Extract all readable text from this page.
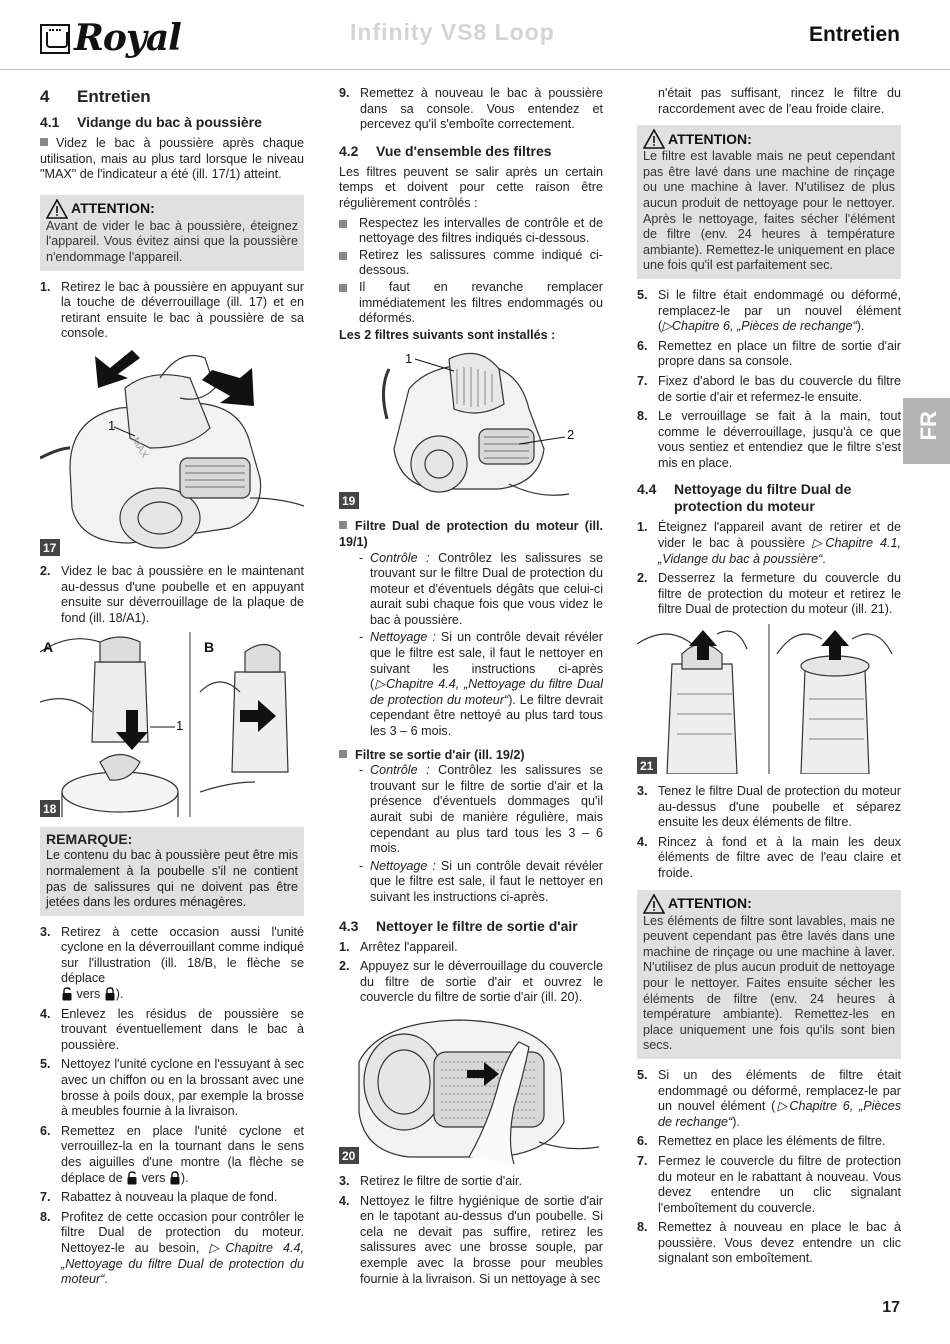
Royal	Infinity VS8 Loop	Entretien
4 Entretien
4.1 Vidange du bac à poussière

Videz le bac à poussière après chaque utilisation, mais au plus tard lorsque le niveau "MAX" de l'indicateur a été (ill. 17/1) atteint.

ATTENTION:

Avant de vider le bac à poussière, éteignez l'appareil. Vous évitez ainsi que la poussière n'endommage l'appareil.

1. Retirez le bac à poussière en appuyant sur la touche de déverrouillage (ill. 17) et en retirant ensuite le bac à poussière de sa console.
1
MAX
17
2. Videz le bac à poussière en le maintenant au-dessus d'une poubelle et en appuyant ensuite sur déverrouillage de la plaque de fond (ill. 18/A1).
A	B
1
18
REMARQUE:

Le contenu du bac à poussière peut être mis normalement à la poubelle s'il ne contient pas de salissures qui ne doivent pas être jetées dans les ordures ménagères.

3. Retirez à cette occasion aussi l'unité cyclone en la déverrouillant comme indiqué sur l'illustration (ill. 18/B, le flèche se déplace
vers ).
4. Enlevez les résidus de poussière se trouvant éventuellement dans le bac à poussière.
5. Nettoyez l'unité cyclone en l'essuyant à sec avec un chiffon ou en la brossant avec une brosse à poils doux, par exemple la brosse à meubles fournie à la livraison.
6. Remettez en place l'unité cyclone et verrouillez-la en la tournant dans le sens des aiguilles d'une montre (la flèche se déplace de vers ).
7. Rabattez à nouveau la plaque de fond.
8. Profitez de cette occasion pour contrôler le filtre Dual de protection du moteur. Nettoyez-le au besoin, ▷Chapitre 4.4, „Nettoyage du filtre Dual de protection du moteur“.
9. Remettez à nouveau le bac à poussière dans sa console. Vous entendez et percevez qu'il s'emboîte correctement.
4.2 Vue d'ensemble des filtres

Les filtres peuvent se salir après un certain temps et doivent pour cette raison être régulièrement contrôlés :

Respectez les intervalles de contrôle et de nettoyage des filtres indiqués ci-dessous.
Retirez les salissures comme indiqué ci-dessous.
Il faut en revanche remplacer immédiatement les filtres endommagés ou déformés.

Les 2 filtres suivants sont installés :

1
2
19

Filtre Dual de protection du moteur (ill. 19/1)

- Contrôle : Contrôlez les salissures se trouvant sur le filtre Dual de protection du moteur et d'éventuels dégâts que celui-ci aurait subi chaque fois que vous videz le bac à poussière.
- Nettoyage : Si un contrôle devait révéler que le filtre est sale, il faut le nettoyer en suivant les instructions ci-après (▷Chapitre 4.4, „Nettoyage du filtre Dual de protection du moteur“). Le filtre devrait cependant être nettoyé au plus tard tous les 3 – 6 mois.

Filtre se sortie d'air (ill. 19/2)

- Contrôle : Contrôlez les salissures se trouvant sur le filtre de sortie d'air et la présence d'éventuels dommages qu'il aurait subi de manière régulière, mais cependant au plus tard tous les 3 – 6 mois.
- Nettoyage : Si un contrôle devait révéler que le filtre est sale, il faut le nettoyer en suivant les instructions ci-après.
4.3 Nettoyer le filtre de sortie d'air
1. Arrêtez l'appareil.
2. Appuyez sur le déverrouillage du couvercle du filtre de sortie d'air et ouvrez le couvercle du filtre de sortie d'air (ill. 20).
20
3. Retirez le filtre de sortie d'air.
4. Nettoyez le filtre hygiénique de sortie d'air en le tapotant au-dessus d'un poubelle. Si cela ne devait pas suffire, retirez les salissures avec une brosse souple, par exemple avec la brosse pour meubles fournie à la livraison. Si un nettoyage à sec

n'était pas suffisant, rincez le filtre du raccordement avec de l'eau froide claire.

ATTENTION:

Le filtre est lavable mais ne peut cependant pas être lavé dans une machine de rinçage ou une machine à laver. N'utilisez de plus aucun produit de nettoyage pour le nettoyer. Après le nettoyage, faites sécher l'élément de filtre (env. 24 heures à température ambiante). Remettez-le uniquement en place une fois qu'il est parfaitement sec.

5. Si le filtre était endommagé ou déformé, remplacez-le par un nouvel élément (▷Chapitre 6, „Pièces de rechange“).
6. Remettez en place un filtre de sortie d'air propre dans sa console.
7. Fixez d'abord le bas du couvercle du filtre de sortie d'air et refermez-le ensuite.
8. Le verrouillage se fait à la main, tout comme le déverrouillage, jusqu'à ce que vous sentiez et entendiez que le filtre s'est mis en place.
4.4	Nettoyage du filtre Dual de protection du moteur
1. Éteignez l'appareil avant de retirer et de vider le bac à poussière ▷Chapitre 4.1, „Vidange du bac à poussière“.
2. Desserrez la fermeture du couvercle du filtre de protection du moteur et retirez le filtre Dual de protection du moteur (ill. 21).
21
3. Tenez le filtre Dual de protection du moteur au-dessus d'une poubelle et séparez ensuite les deux éléments de filtre.
4. Rincez à fond et à la main les deux éléments de filtre avec de l'eau claire et froide.
ATTENTION:

Les éléments de filtre sont lavables, mais ne peuvent cependant pas être lavés dans une machine de rinçage ou une machine à laver. N'utilisez de plus aucun produit de nettoyage pour le nettoyer. Faites ensuite sécher les éléments de filtre (env. 24 heures à température ambiante). Remettez-les en place uniquement une fois qu'ils sont bien secs.

5. Si un des éléments de filtre était endommagé ou déformé, remplacez-le par un nouvel élément (▷Chapitre 6, „Pièces de rechange“).
6. Remettez en place les éléments de filtre.
7. Fermez le couvercle du filtre de protection du moteur en le rabattant à nouveau. Vous devez entendre un clic signalant l'emboîtement du couvercle.
8. Remettez à nouveau en place le bac à poussière. Vous devez entendre un clic signalant son emboîtement.
FR
17
